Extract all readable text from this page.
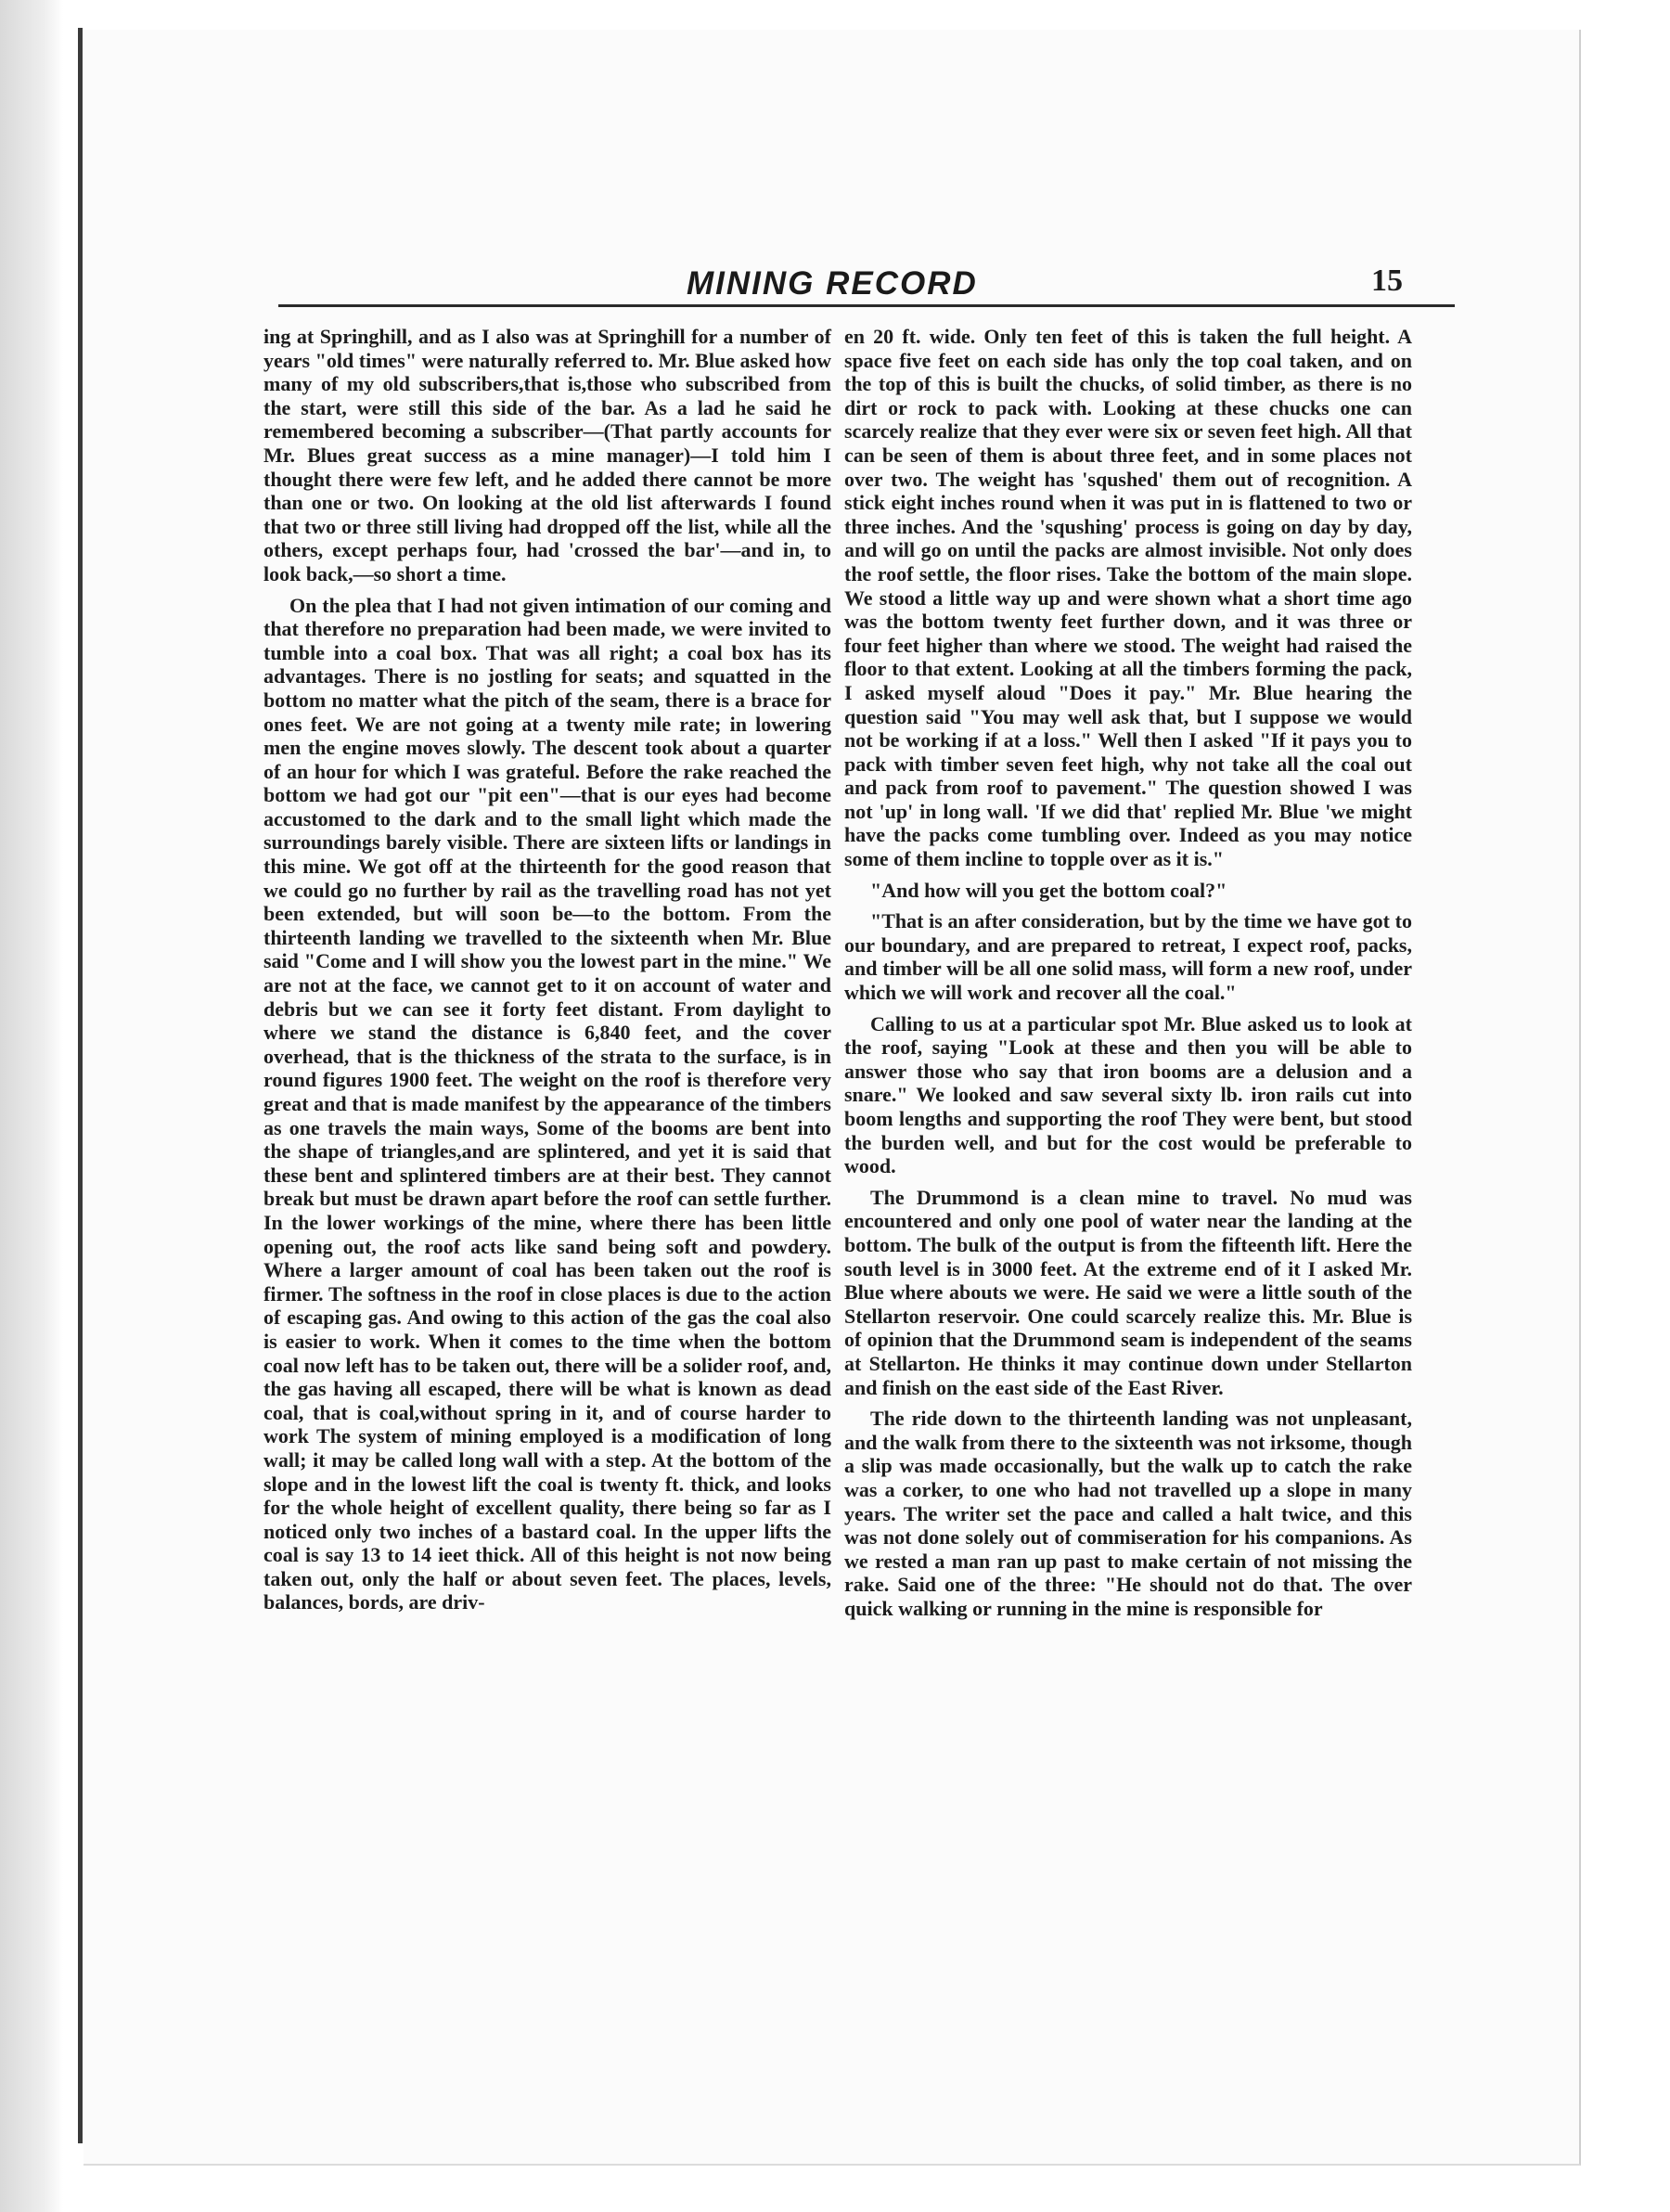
MINING RECORD	15

ing at Springhill, and as I also was at Springhill for a number of years "old times" were naturally referred to. Mr. Blue asked how many of my old subscribers,that is,those who subscribed from the start, were still this side of the bar. As a lad he said he remembered becoming a subscriber—(That partly accounts for Mr. Blues great success as a mine manager)—I told him I thought there were few left, and he added there cannot be more than one or two. On looking at the old list afterwards I found that two or three still living had dropped off the list, while all the others, except perhaps four, had 'crossed the bar'—and in, to look back,—so short a time.

On the plea that I had not given intimation of our coming and that therefore no preparation had been made, we were invited to tumble into a coal box. That was all right; a coal box has its advantages. There is no jostling for seats; and squatted in the bottom no matter what the pitch of the seam, there is a brace for ones feet. We are not going at a twenty mile rate; in lowering men the engine moves slowly. The descent took about a quarter of an hour for which I was grateful. Before the rake reached the bottom we had got our "pit een"—that is our eyes had become accustomed to the dark and to the small light which made the surroundings barely visible. There are sixteen lifts or landings in this mine. We got off at the thirteenth for the good reason that we could go no further by rail as the travelling road has not yet been extended, but will soon be—to the bottom. From the thirteenth landing we travelled to the sixteenth when Mr. Blue said "Come and I will show you the lowest part in the mine." We are not at the face, we cannot get to it on account of water and debris but we can see it forty feet distant. From daylight to where we stand the distance is 6,840 feet, and the cover overhead, that is the thickness of the strata to the surface, is in round figures 1900 feet. The weight on the roof is therefore very great and that is made manifest by the appearance of the timbers as one travels the main ways, Some of the booms are bent into the shape of triangles,and are splintered, and yet it is said that these bent and splintered timbers are at their best. They cannot break but must be drawn apart before the roof can settle further. In the lower workings of the mine, where there has been little opening out, the roof acts like sand being soft and powdery. Where a larger amount of coal has been taken out the roof is firmer. The softness in the roof in close places is due to the action of escaping gas. And owing to this action of the gas the coal also is easier to work. When it comes to the time when the bottom coal now left has to be taken out, there will be a solider roof, and, the gas having all escaped, there will be what is known as dead coal, that is coal,without spring in it, and of course harder to work The system of mining employed is a modification of long wall; it may be called long wall with a step. At the bottom of the slope and in the lowest lift the coal is twenty ft. thick, and looks for the whole height of excellent quality, there being so far as I noticed only two inches of a bastard coal. In the upper lifts the coal is say 13 to 14 ieet thick. All of this height is not now being taken out, only the half or about seven feet. The places, levels, balances, bords, are driv-

en 20 ft. wide. Only ten feet of this is taken the full height. A space five feet on each side has only the top coal taken, and on the top of this is built the chucks, of solid timber, as there is no dirt or rock to pack with. Looking at these chucks one can scarcely realize that they ever were six or seven feet high. All that can be seen of them is about three feet, and in some places not over two. The weight has 'squshed' them out of recognition. A stick eight inches round when it was put in is flattened to two or three inches. And the 'squshing' process is going on day by day, and will go on until the packs are almost invisible. Not only does the roof settle, the floor rises. Take the bottom of the main slope. We stood a little way up and were shown what a short time ago was the bottom twenty feet further down, and it was three or four feet higher than where we stood. The weight had raised the floor to that extent. Looking at all the timbers forming the pack, I asked myself aloud "Does it pay." Mr. Blue hearing the question said "You may well ask that, but I suppose we would not be working if at a loss." Well then I asked "If it pays you to pack with timber seven feet high, why not take all the coal out and pack from roof to pavement." The question showed I was not 'up' in long wall. 'If we did that' replied Mr. Blue 'we might have the packs come tumbling over. Indeed as you may notice some of them incline to topple over as it is."

"And how will you get the bottom coal?"

"That is an after consideration, but by the time we have got to our boundary, and are prepared to retreat, I expect roof, packs, and timber will be all one solid mass, will form a new roof, under which we will work and recover all the coal."

Calling to us at a particular spot Mr. Blue asked us to look at the roof, saying "Look at these and then you will be able to answer those who say that iron booms are a delusion and a snare." We looked and saw several sixty lb. iron rails cut into boom lengths and supporting the roof They were bent, but stood the burden well, and but for the cost would be preferable to wood.

The Drummond is a clean mine to travel. No mud was encountered and only one pool of water near the landing at the bottom. The bulk of the output is from the fifteenth lift. Here the south level is in 3000 feet. At the extreme end of it I asked Mr. Blue where abouts we were. He said we were a little south of the Stellarton reservoir. One could scarcely realize this. Mr. Blue is of opinion that the Drummond seam is independent of the seams at Stellarton. He thinks it may continue down under Stellarton and finish on the east side of the East River.

The ride down to the thirteenth landing was not unpleasant, and the walk from there to the sixteenth was not irksome, though a slip was made occasionally, but the walk up to catch the rake was a corker, to one who had not travelled up a slope in many years. The writer set the pace and called a halt twice, and this was not done solely out of commiseration for his companions. As we rested a man ran up past to make certain of not missing the rake. Said one of the three: "He should not do that. The over quick walking or running in the mine is responsible for
